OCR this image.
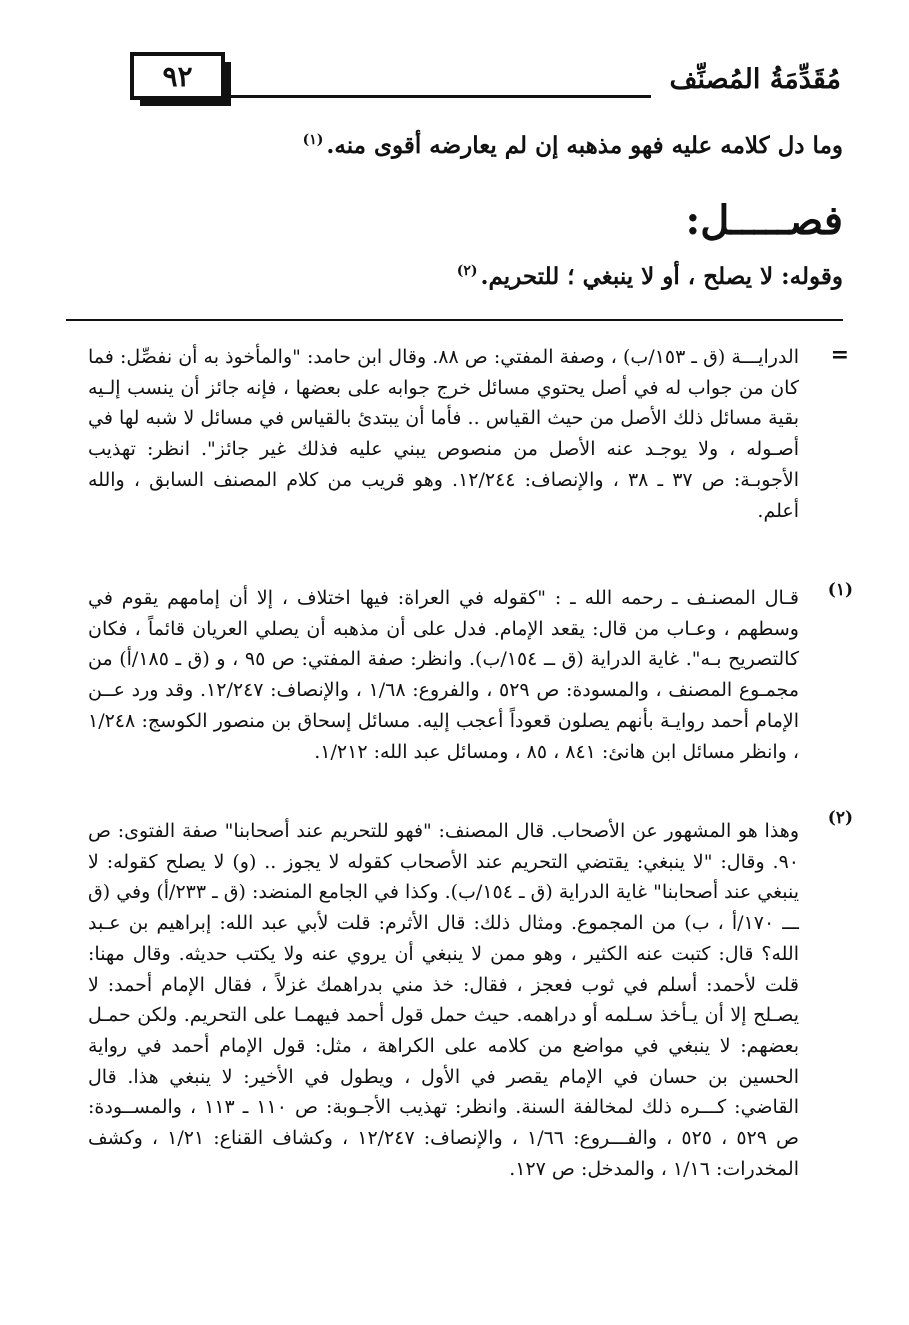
٩٢	مُقَدِّمَةُ المُصنِّف
وما دل كلامه عليه فهو مذهبه إن لم يعارضه أقوى منه.$^{(١)}$
فصـــــل:
وقوله: لا يصلح ، أو لا ينبغي ؛ للتحريم.$^{(٢)}$
=

الدرايـــة (ق ـ ١٥٣/ب) ، وصفة المفتي: ص ٨٨. وقال ابن حامد: "والمأخوذ به أن نفصِّل: فما كان من جواب له في أصل يحتوي مسائل خرج جوابه على بعضها ، فإنه جائز أن ينسب إلـيه بقية مسائل ذلك الأصل من حيث القياس .. فأما أن يبتدئ بالقياس في مسائل لا شبه لها في أصـوله ، ولا يوجـد عنه الأصل من منصوص يبني عليه فذلك غير جائز". انظر: تهذيب الأجوبـة: ص ٣٧ ـ ٣٨ ، والإنصاف: ١٢/٢٤٤. وهو قريب من كلام المصنف السابق ، والله أعلم.

(١)

قـال المصنـف ـ رحمه الله ـ : "كقوله في العراة: فيها اختلاف ، إلا أن إمامهم يقوم في وسطهم ، وعـاب من قال: يقعد الإمام. فدل على أن مذهبه أن يصلي العريان قائماً ، فكان كالتصريح بـه". غاية الدراية (ق ــ ١٥٤/ب). وانظر: صفة المفتي: ص ٩٥ ، و (ق ـ ١٨٥/أ) من مجمـوع المصنف ، والمسودة: ص ٥٢٩ ، والفروع: ١/٦٨ ، والإنصاف: ١٢/٢٤٧. وقد ورد عــن الإمام أحمد روايـة بأنهم يصلون قعوداً أعجب إليه. مسائل إسحاق بن منصور الكوسج: ١/٢٤٨ ، وانظر مسائل ابن هانئ: ٨٤١ ، ٨٥ ، ومسائل عبد الله: ١/٢١٢.

(٢)

وهذا هو المشهور عن الأصحاب. قال المصنف: "فهو للتحريم عند أصحابنا" صفة الفتوى: ص ٩٠. وقال: "لا ينبغي: يقتضي التحريم عند الأصحاب كقوله لا يجوز .. (و) لا يصلح كقوله: لا ينبغي عند أصحابنا" غاية الدراية (ق ـ ١٥٤/ب). وكذا في الجامع المنضد: (ق ـ ٢٣٣/أ) وفي (ق ـــ ١٧٠/أ ، ب) من المجموع. ومثال ذلك: قال الأثرم: قلت لأبي عبد الله: إبراهيم بن عـبد الله؟ قال: كتبت عنه الكثير ، وهو ممن لا ينبغي أن يروي عنه ولا يكتب حديثه. وقال مهنا: قلت لأحمد: أسلم في ثوب فعجز ، فقال: خذ مني بدراهمك غزلاً ، فقال الإمام أحمد: لا يصـلح إلا أن يـأخذ سـلمه أو دراهمه. حيث حمل قول أحمد فيهمـا على التحريم. ولكن حمـل بعضهم: لا ينبغي في مواضع من كلامه على الكراهة ، مثل: قول الإمام أحمد في رواية الحسين بن حسان في الإمام يقصر في الأول ، ويطول في الأخير: لا ينبغي هذا. قال القاضي: كـــره ذلك لمخالفة السنة. وانظر: تهذيب الأجـوبة: ص ١١٠ ـ ١١٣ ، والمســودة: ص ٥٢٩ ، ٥٢٥ ، والفـــروع: ١/٦٦ ، والإنصاف: ١٢/٢٤٧ ، وكشاف القناع: ١/٢١ ، وكشف المخدرات: ١/١٦ ، والمدخل: ص ١٢٧.
